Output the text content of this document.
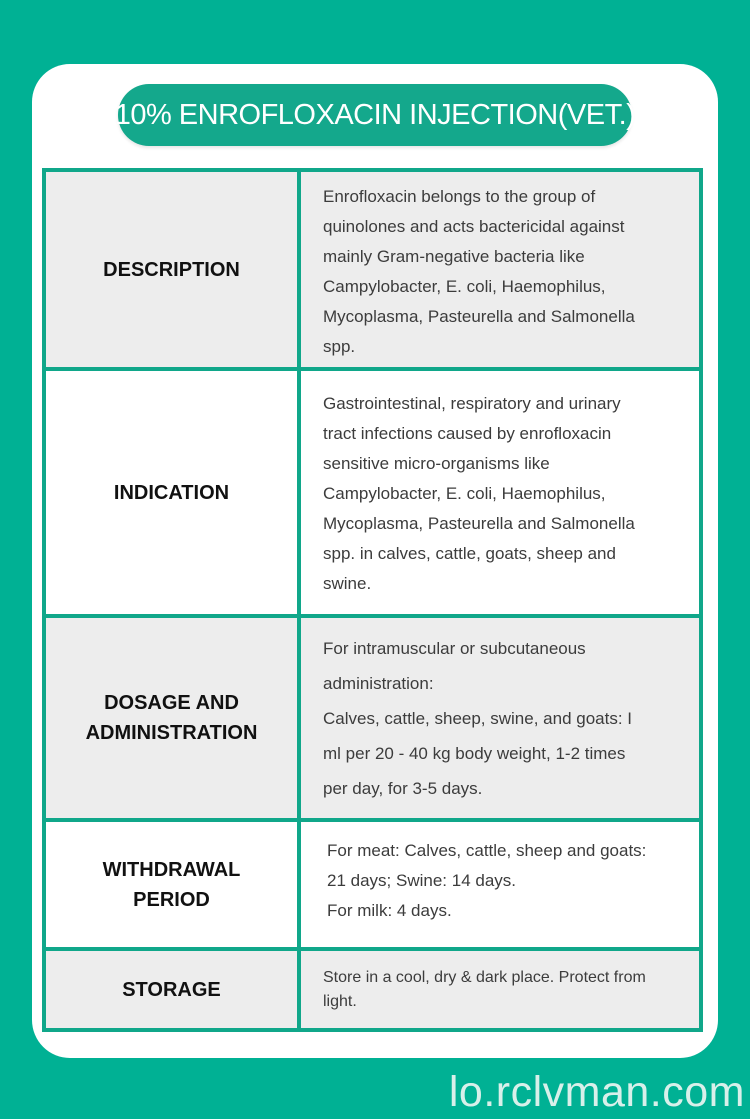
10% ENROFLOXACIN INJECTION(VET.)
DESCRIPTION

Enrofloxacin belongs to the group of quinolones and acts bactericidal against mainly Gram-negative bacteria like Campylobacter, E. coli, Haemophilus, Mycoplasma, Pasteurella and Salmonella spp.

INDICATION

Gastrointestinal, respiratory and urinary tract infections caused by enrofloxacin sensitive micro-organisms like Campylobacter, E. coli, Haemophilus, Mycoplasma, Pasteurella and Salmonella spp. in calves, cattle, goats, sheep and swine.

DOSAGE AND ADMINISTRATION

For intramuscular or subcutaneous administration:

Calves, cattle, sheep, swine, and goats: I ml per 20 - 40 kg body weight, 1-2 times per day, for 3-5 days.

WITHDRAWAL PERIOD

For meat: Calves, cattle, sheep and goats: 21 days; Swine: 14 days.

For milk: 4 days.

STORAGE

Store in a cool, dry & dark place. Protect from light.

lo.rclvman.com
